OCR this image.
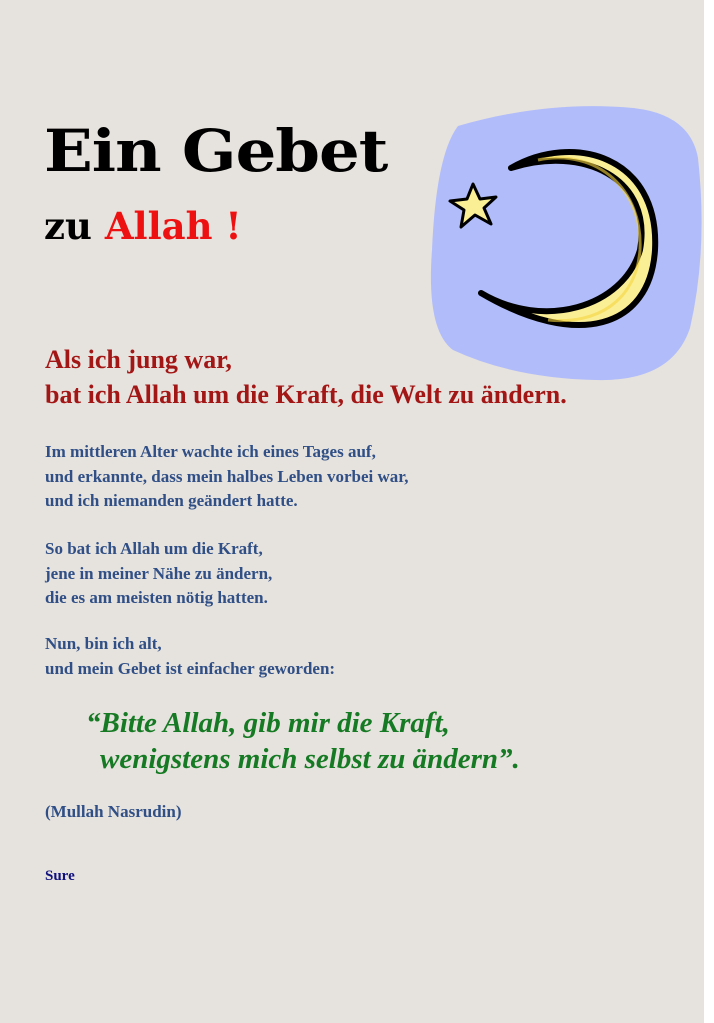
Ein Gebet
zu Allah !

Als ich jung war,
bat ich Allah um die Kraft, die Welt zu ändern.

Im mittleren Alter wachte ich eines Tages auf,
und erkannte, dass mein halbes Leben vorbei war,
und ich niemanden geändert hatte.

So bat ich Allah um die Kraft,
jene in meiner Nähe zu ändern,
die es am meisten nötig hatten.

Nun, bin ich alt,
und mein Gebet ist einfacher geworden:

“Bitte Allah, gib mir die Kraft,
wenigstens mich selbst zu ändern”.

(Mullah Nasrudin)

Sure
